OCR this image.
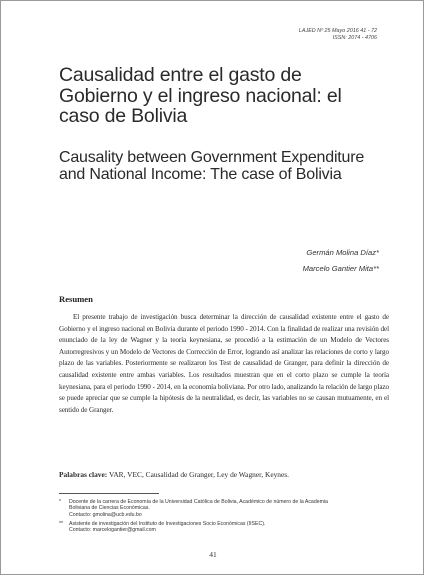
LAJED Nº 25 Mayo 2016 41 - 72
ISSN: 2074 - 4706
Causalidad entre el gasto de Gobierno y el ingreso nacional: el caso de Bolivia
Causality between Government Expenditure and National Income: The case of Bolivia
Germán Molina Díaz*
Marcelo Gantier Mita**
Resumen

El presente trabajo de investigación busca determinar la dirección de causalidad existente entre el gasto de Gobierno y el ingreso nacional en Bolivia durante el periodo 1990 - 2014. Con la finalidad de realizar una revisión del enunciado de la ley de Wagner y la teoría keynesiana, se procedió a la estimación de un Modelo de Vectores Autorregresivos y un Modelo de Vectores de Corrección de Error, logrando así analizar las relaciones de corto y largo plazo de las variables. Posteriormente se realizaron los Test de causalidad de Granger, para definir la dirección de causalidad existente entre ambas variables. Los resultados muestran que en el corto plazo se cumple la teoría keynesiana, para el periodo 1990 - 2014, en la economía boliviana. Por otro lado, analizando la relación de largo plazo se puede apreciar que se cumple la hipótesis de la neutralidad, es decir, las variables no se causan mutuamente, en el sentido de Granger.

Palabras clave: VAR, VEC, Causalidad de Granger, Ley de Wagner, Keynes.

* Docente de la carrera de Economía de la Universidad Católica de Bolivia, Académico de número de la Academia
Boliviana de Ciencias Económicas.
Contacto: gmolina@ucb.edu.bo
** Asistente de investigación del Instituto de Investigaciones Socio Económicas (IISEC).
Contacto: marcelogantier@gmail.com
41
